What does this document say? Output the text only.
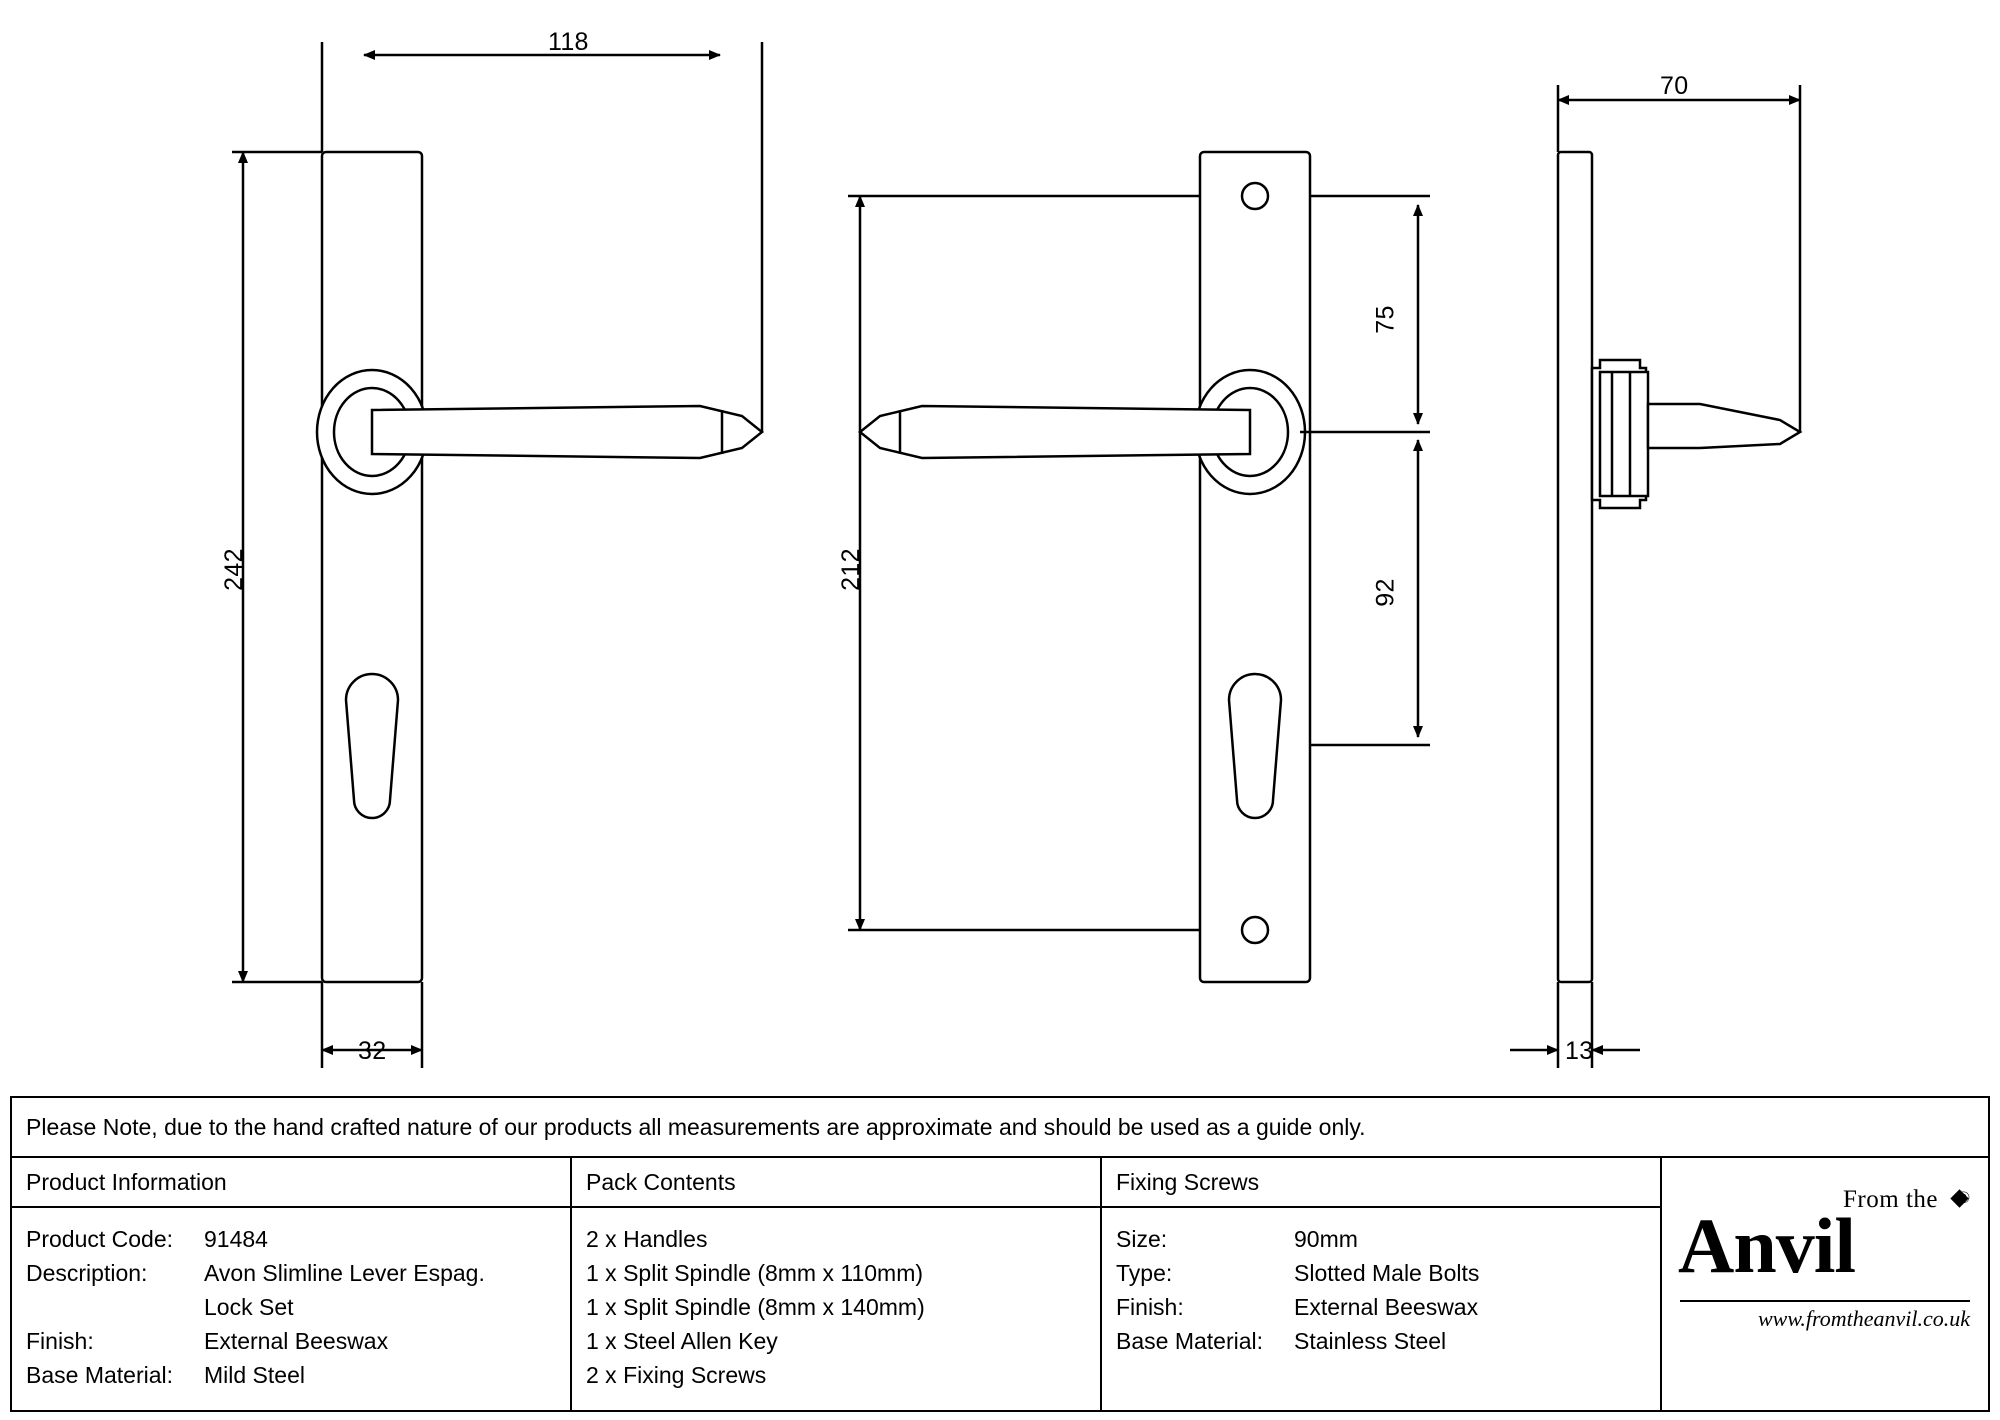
118
242
32
212
75
92
70
13
Please Note, due to the hand crafted nature of our products all measurements are approximate and should be used as a guide only.
Product Information
Product Code:	91484
Description:	Avon Slimline Lever Espag.
Lock Set
Finish:	External Beeswax
Base Material:	Mild Steel
Pack Contents
2 x Handles
1 x Split Spindle (8mm x 110mm)
1 x Split Spindle (8mm x 140mm)
1 x Steel Allen Key
2 x Fixing Screws
Fixing Screws
Size:	90mm
Type:	Slotted Male Bolts
Finish:	External Beeswax
Base Material:	Stainless Steel
From the ®
Anvil
www.fromtheanvil.co.uk
